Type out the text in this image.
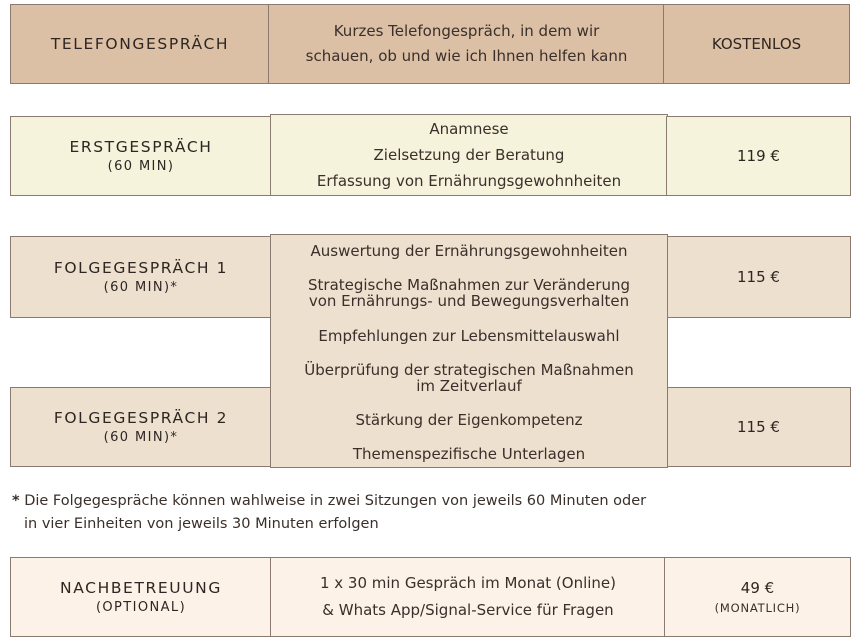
TELEFONGESPRÄCH
Kurzes Telefongespräch, in dem wir
schauen, ob und wie ich Ihnen helfen kann
KOSTENLOS
ERSTGESPRÄCH
(60 MIN)
Anamnese
Zielsetzung der Beratung
Erfassung von Ernährungsgewohnheiten
119 €
FOLGEGESPRÄCH 1
(60 MIN)*
115 €
FOLGEGESPRÄCH 2
(60 MIN)*
115 €
Auswertung der Ernährungsgewohnheiten
Strategische Maßnahmen zur Veränderung
von Ernährungs- und Bewegungsverhalten
Empfehlungen zur Lebensmittelauswahl
Überprüfung der strategischen Maßnahmen
im Zeitverlauf
Stärkung der Eigenkompetenz
Themenspezifische Unterlagen
* Die Folgegespräche können wahlweise in zwei Sitzungen von jeweils 60 Minuten oder
in vier Einheiten von jeweils 30 Minuten erfolgen
NACHBETREUUNG
(OPTIONAL)
1 x 30 min Gespräch im Monat (Online)
& Whats App/Signal-Service für Fragen
49 €
(MONATLICH)
